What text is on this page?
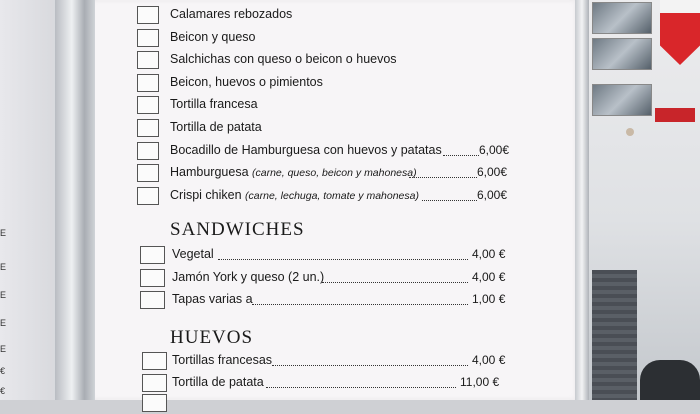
E
E
E
E
E
€
€
Calamares rebozados
Beicon y queso
Salchichas con queso o beicon o huevos
Beicon, huevos o pimientos
Tortilla francesa
Tortilla de patata
Bocadillo de Hamburguesa con huevos y patatas	6,00€
Hamburguesa (carne, queso, beicon y mahonesa)	6,00€
Crispi chiken (carne, lechuga, tomate y mahonesa)	6,00€
SANDWICHES
Vegetal	4,00 €
Jamón York y queso (2 un.)	4,00 €
Tapas varias a	1,00 €
HUEVOS
Tortillas francesas	4,00 €
Tortilla de patata	11,00 €
